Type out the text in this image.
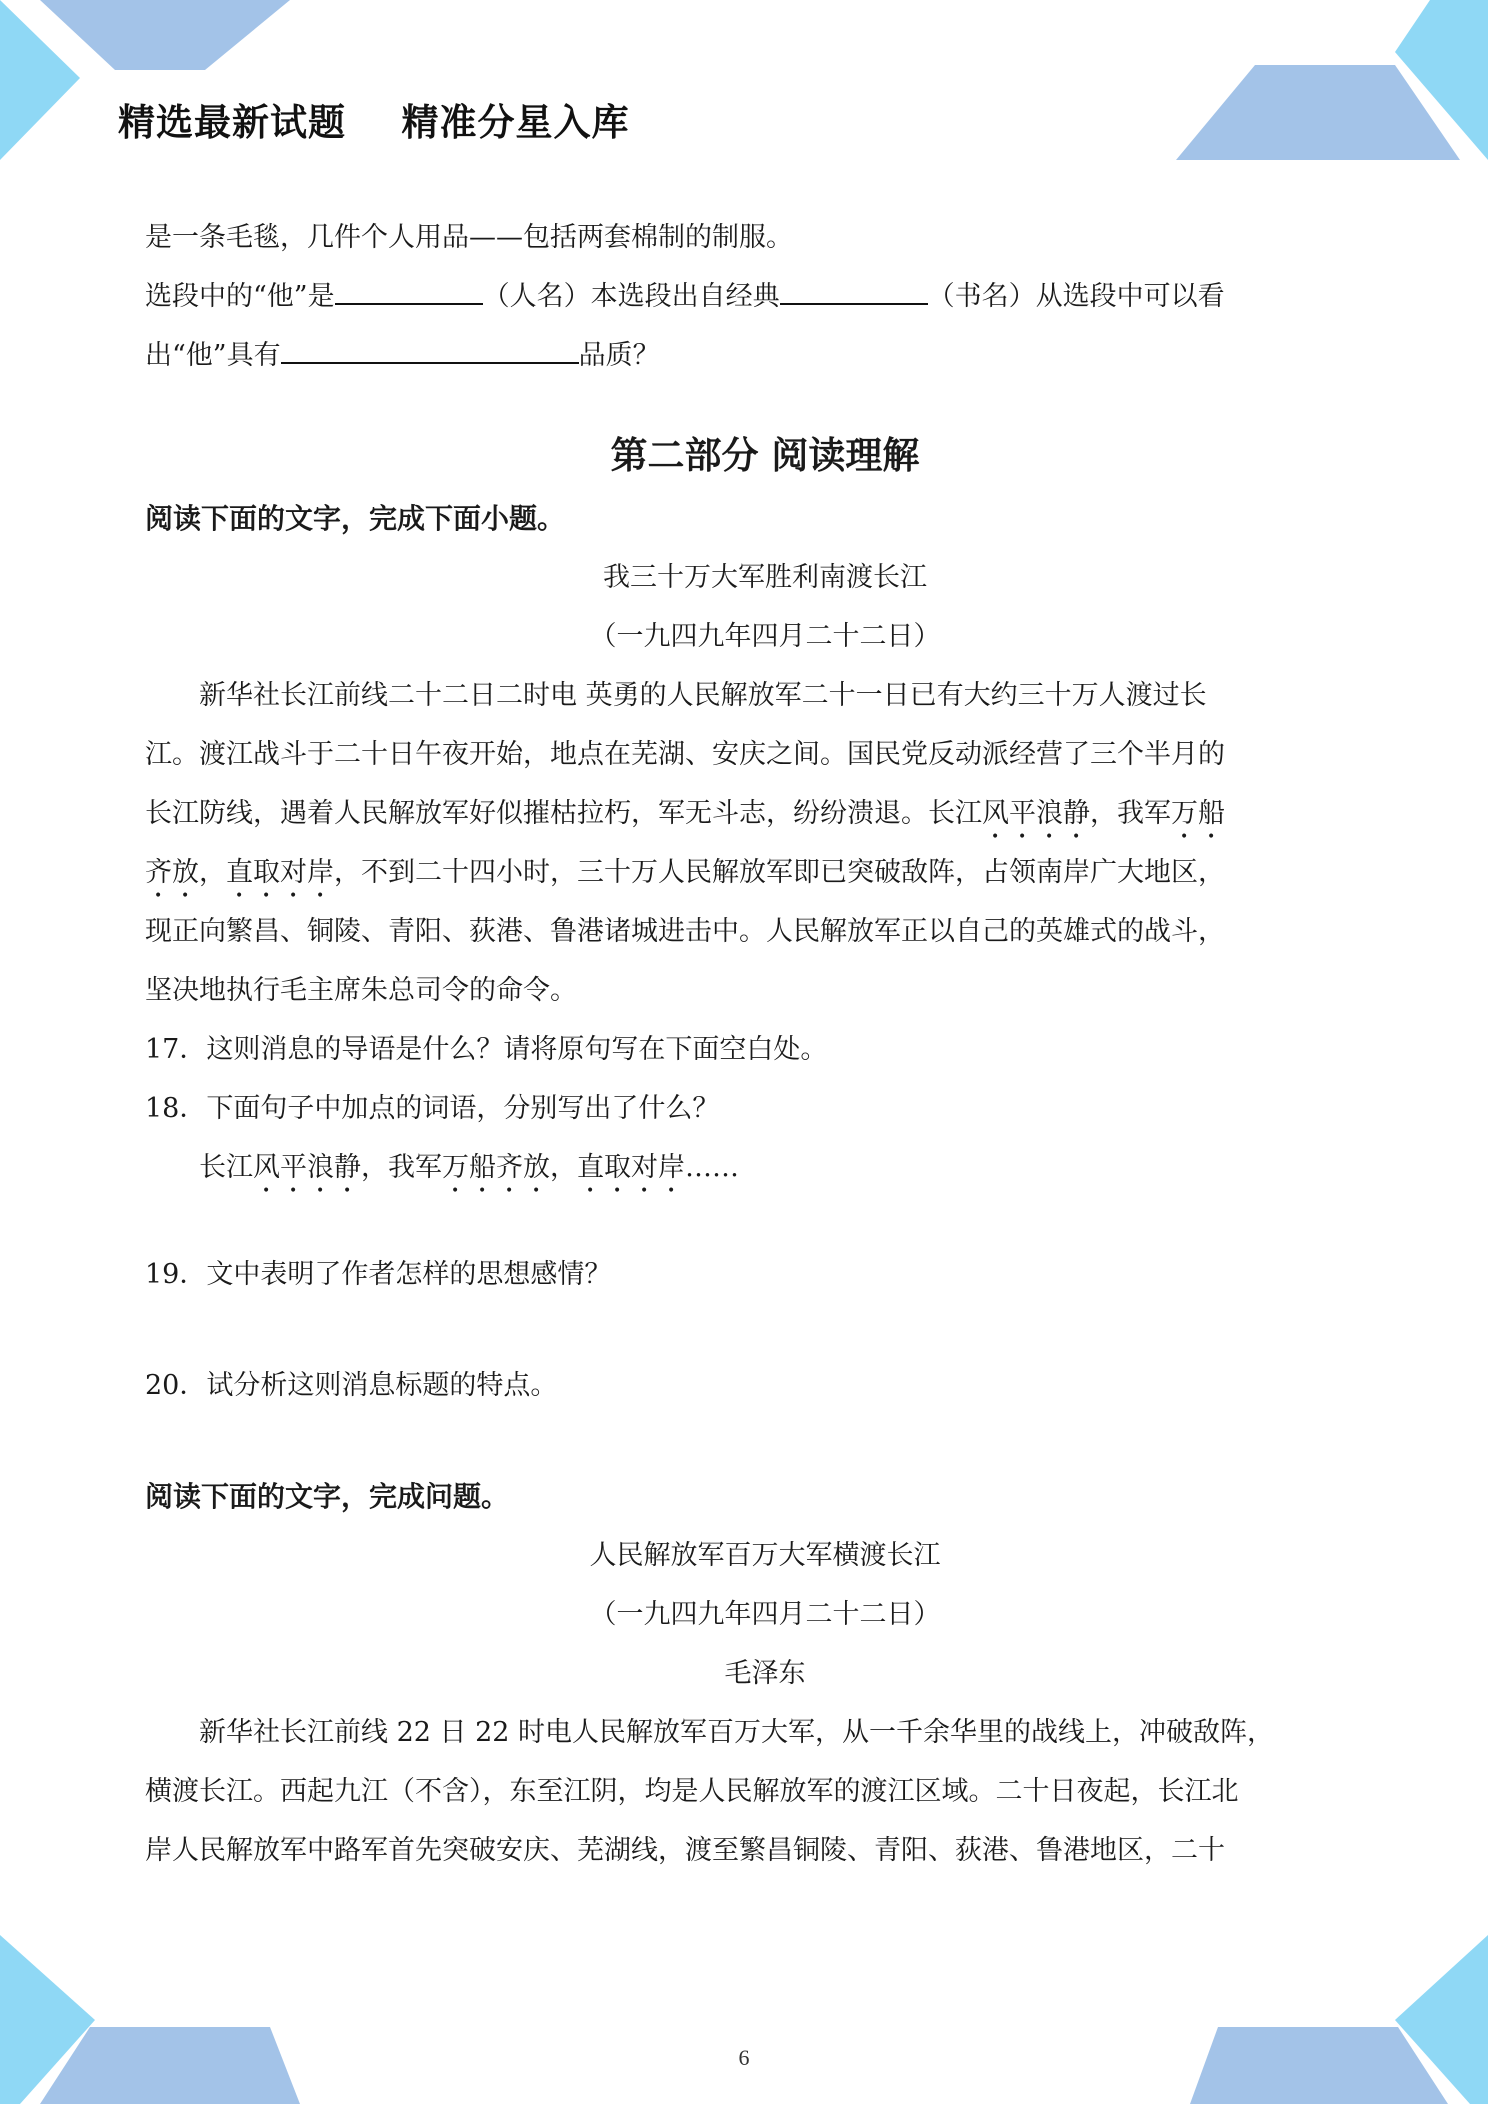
精选最新试题    精准分星入库
是一条毛毯，几件个人用品——包括两套棉制的制服。
选段中的“他”是	（人名）本选段出自经典	（书名）从选段中可以看
出“他”具有	品质？
第二部分 阅读理解
阅读下面的文字，完成下面小题。
我三十万大军胜利南渡长江
（一九四九年四月二十二日）
新华社长江前线二十二日二时电 英勇的人民解放军二十一日已有大约三十万人渡过长
江。渡江战斗于二十日午夜开始，地点在芜湖、安庆之间。国民党反动派经营了三个半月的
长江防线，遇着人民解放军好似摧枯拉朽，军无斗志，纷纷溃退。长江风平浪静，我军万船
齐放，直取对岸，不到二十四小时，三十万人民解放军即已突破敌阵，占领南岸广大地区，
现正向繁昌、铜陵、青阳、荻港、鲁港诸城进击中。人民解放军正以自己的英雄式的战斗，
坚决地执行毛主席朱总司令的命令。
17．这则消息的导语是什么？请将原句写在下面空白处。
18．下面句子中加点的词语，分别写出了什么？
长江风平浪静，我军万船齐放，直取对岸……
19．文中表明了作者怎样的思想感情？
20．试分析这则消息标题的特点。
阅读下面的文字，完成问题。
人民解放军百万大军横渡长江
（一九四九年四月二十二日）
毛泽东
新华社长江前线 22 日 22 时电人民解放军百万大军，从一千余华里的战线上，冲破敌阵，
横渡长江。西起九江（不含），东至江阴，均是人民解放军的渡江区域。二十日夜起，长江北
岸人民解放军中路军首先突破安庆、芜湖线，渡至繁昌铜陵、青阳、荻港、鲁港地区，二十
6
